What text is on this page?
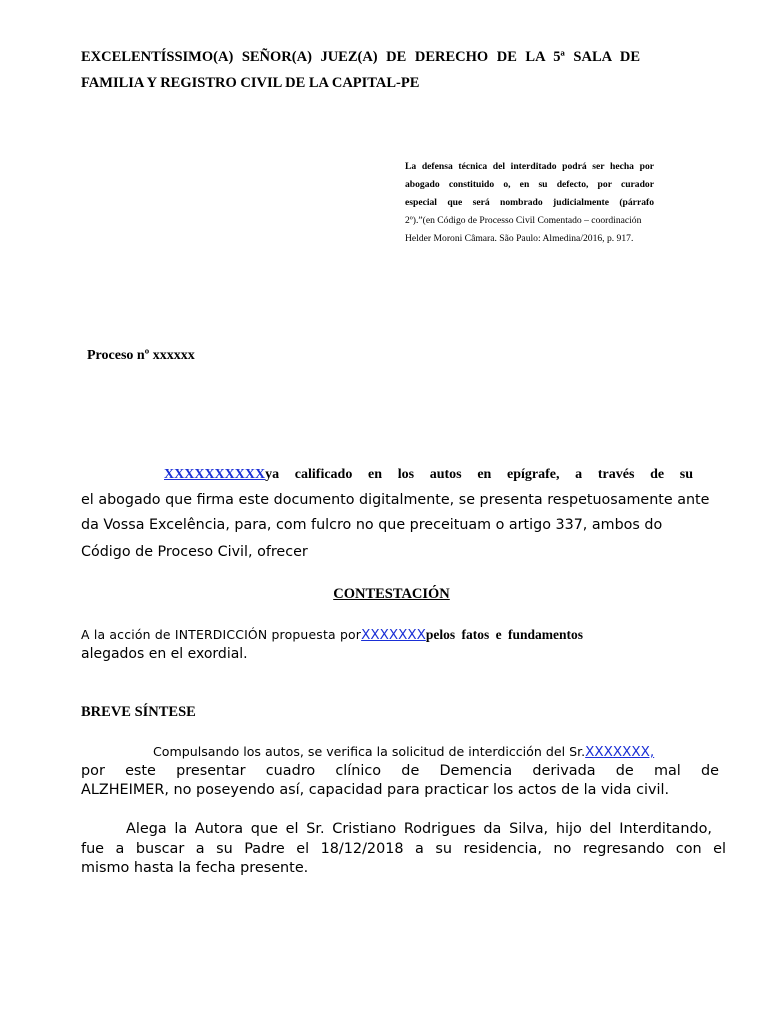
EXCELENTÍSSIMO(A) SEÑOR(A) JUEZ(A) DE DERECHO DE LA 5ª SALA DE
FAMILIA Y REGISTRO CIVIL DE LA CAPITAL-PE
La defensa técnica del interditado podrá ser hecha por
abogado constituido o, en su defecto, por curador
especial que será nombrado judicialmente (párrafo
2º).”(en Código de Processo Civil Comentado – coordinación
Helder Moroni Câmara. São Paulo: Almedina/2016, p. 917.
Proceso nº xxxxxx
XXXXXXXXXXya calificado en los autos en epígrafe, a través de su
el abogado que firma este documento digitalmente, se presenta respetuosamente ante
da Vossa Excelência, para, com fulcro no que preceituam o artigo 337, ambos do
Código de Proceso Civil, ofrecer
CONTESTACIÓN
A la acción de INTERDICCIÓN propuesta porXXXXXXXpelos fatos e fundamentos
alegados en el exordial.
BREVE SÍNTESE
Compulsando los autos, se verifica la solicitud de interdicción del Sr.XXXXXXX,
por este presentar cuadro clínico de Demencia derivada de mal de
ALZHEIMER, no poseyendo así, capacidad para practicar los actos de la vida civil.
Alega la Autora que el Sr. Cristiano Rodrigues da Silva, hijo del Interditando,
fue a buscar a su Padre el 18/12/2018 a su residencia, no regresando con el
mismo hasta la fecha presente.
